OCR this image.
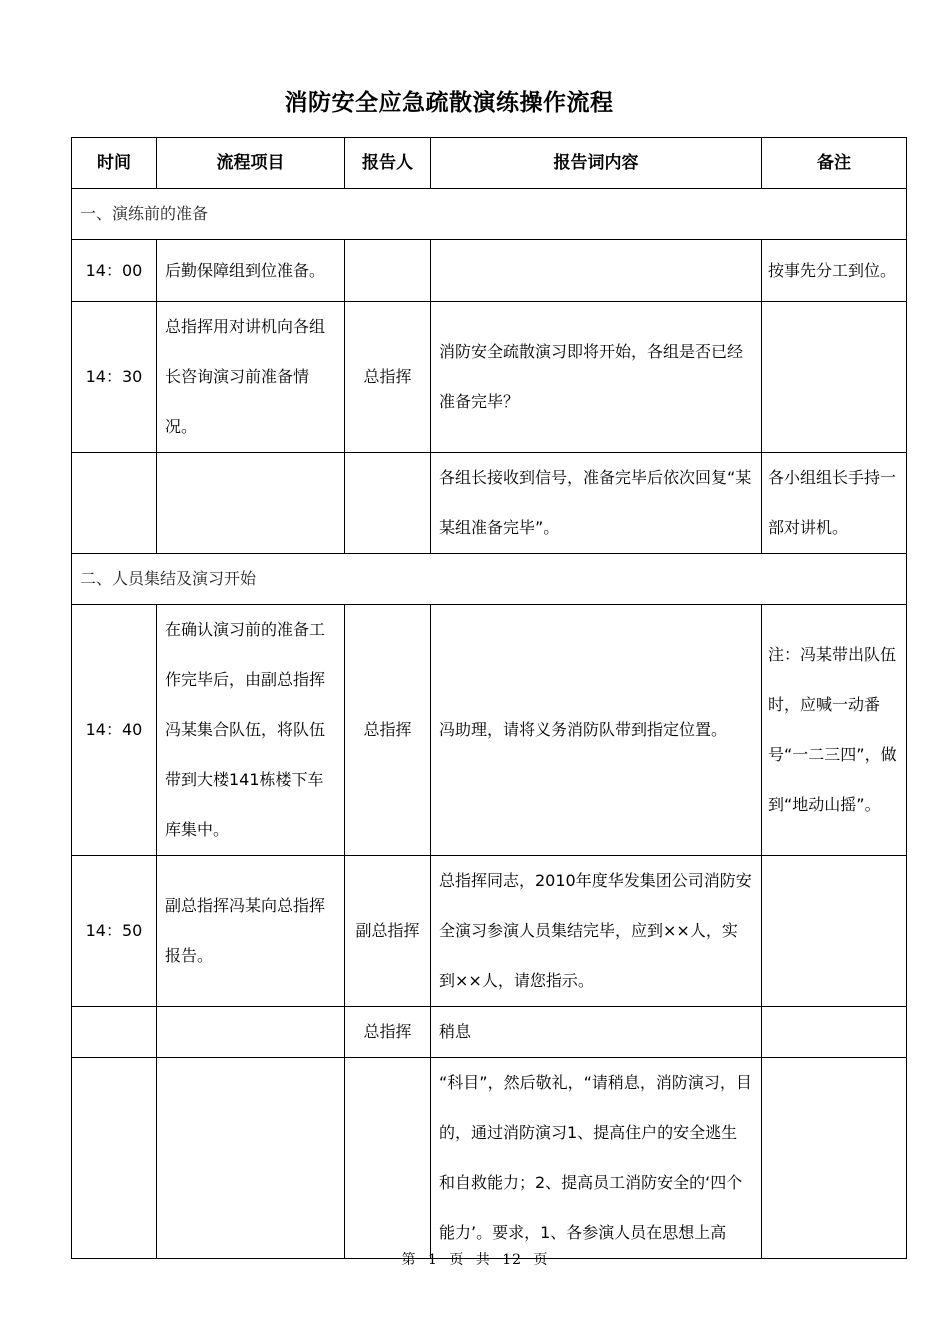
消防安全应急疏散演练操作流程
时间	流程项目	报告人	报告词内容	备注
一、演练前的准备				
14：00	后勤保障组到位准备。			按事先分工到位。
14：30	总指挥用对讲机向各组长咨询演习前准备情况。	总指挥	消防安全疏散演习即将开始，各组是否已经准备完毕？	

			各组长接收到信号，准备完毕后依次回复“某某组准备完毕”。	各小组组长手持一部对讲机。

二、人员集结及演习开始				
14：40	在确认演习前的准备工作完毕后，由副总指挥冯某集合队伍，将队伍带到大楼141栋楼下车库集中。	总指挥	冯助理，请将义务消防队带到指定位置。	注：冯某带出队伍时，应喊一动番号“一二三四”，做到“地动山摇”。

14：50	副总指挥冯某向总指挥报告。	副总指挥	总指挥同志，2010年度华发集团公司消防安全演习参演人员集结完毕，应到××人，实到××人，请您指示。	

		总指挥	稍息	

			“科目”，然后敬礼，“请稍息，消防演习，目的，通过消防演习1、提高住户的安全逃生和自救能力；2、提高员工消防安全的‘四个能力’。要求，1、各参演人员在思想上高	

第 1 页 共 12 页
